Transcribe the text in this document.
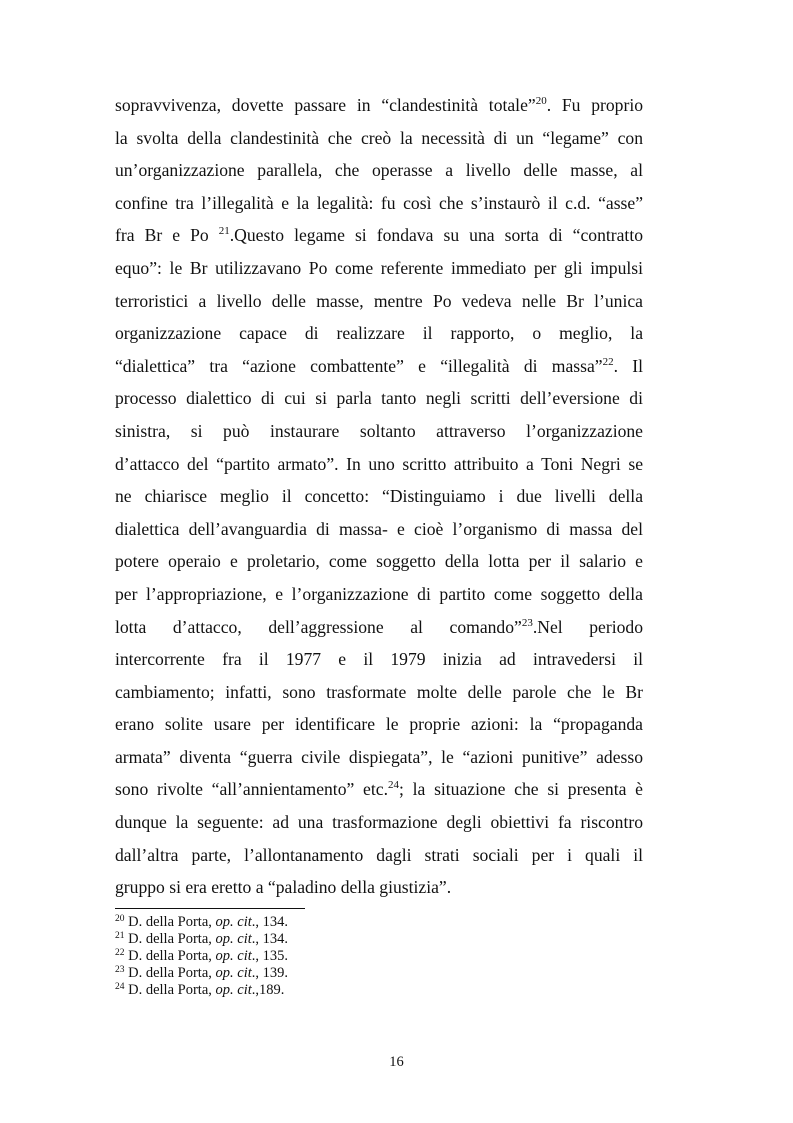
sopravvivenza, dovette passare in “clandestinità totale”$^{20}$. Fu proprio
la svolta della clandestinità che creò la necessità di un “legame” con
un’organizzazione parallela, che operasse a livello delle masse, al
confine tra l’illegalità e la legalità: fu così che s’instaurò il c.d. “asse”
fra Br e Po $^{21}$.Questo legame si fondava su una sorta di “contratto
equo”: le Br utilizzavano Po come referente immediato per gli impulsi
terroristici a livello delle masse, mentre Po vedeva nelle Br l’unica
organizzazione capace di realizzare il rapporto, o meglio, la
“dialettica” tra “azione combattente” e “illegalità di massa”$^{22}$. Il
processo dialettico di cui si parla tanto negli scritti dell’eversione di
sinistra, si può instaurare soltanto attraverso l’organizzazione
d’attacco del “partito armato”. In uno scritto attribuito a Toni Negri se
ne chiarisce meglio il concetto: “Distinguiamo i due livelli della
dialettica dell’avanguardia di massa- e cioè l’organismo di massa del
potere operaio e proletario, come soggetto della lotta per il salario e
per l’appropriazione, e l’organizzazione di partito come soggetto della
lotta d’attacco, dell’aggressione al comando”$^{23}$.Nel periodo
intercorrente fra il 1977 e il 1979 inizia ad intravedersi il
cambiamento; infatti, sono trasformate molte delle parole che le Br
erano solite usare per identificare le proprie azioni: la “propaganda
armata” diventa “guerra civile dispiegata”, le “azioni punitive” adesso
sono rivolte “all’annientamento” etc.$^{24}$; la situazione che si presenta è
dunque la seguente: ad una trasformazione degli obiettivi fa riscontro
dall’altra parte, l’allontanamento dagli strati sociali per i quali il
gruppo si era eretto a “paladino della giustizia”.
$^{20}$ D. della Porta, op. cit., 134.
$^{21}$ D. della Porta, op. cit., 134.
$^{22}$ D. della Porta, op. cit., 135.
$^{23}$ D. della Porta, op. cit., 139.
$^{24}$ D. della Porta, op. cit.,189.
16
